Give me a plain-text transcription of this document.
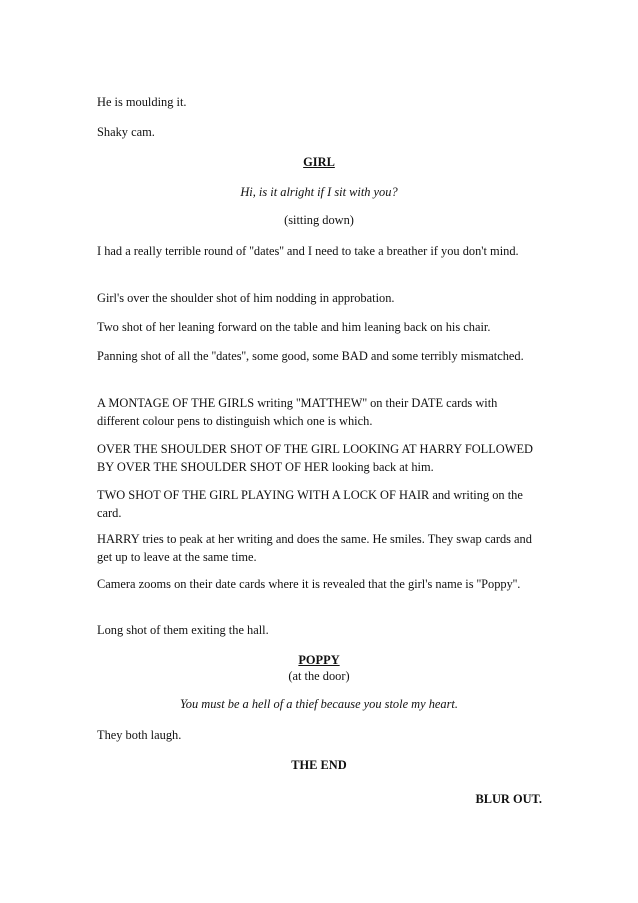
He is moulding it.
Shaky cam.
GIRL
Hi, is it alright if I sit with you?
(sitting down)
I had a really terrible round of ''dates'' and I need to take a breather if you don't mind.
Girl's over the shoulder shot of him nodding in approbation.
Two shot of her leaning forward on the table and him leaning back on his chair.
Panning shot of all the ''dates'', some good, some BAD and some terribly mismatched.
A MONTAGE OF THE GIRLS writing ''MATTHEW'' on their DATE cards with different colour pens to distinguish which one is which.
OVER THE SHOULDER SHOT OF THE GIRL LOOKING AT HARRY FOLLOWED BY OVER THE SHOULDER SHOT OF HER looking back at him.
TWO SHOT OF THE GIRL PLAYING WITH A LOCK OF HAIR and writing on the card.
HARRY tries to peak at her writing and does the same. He smiles. They swap cards and get up to leave at the same time.
Camera zooms on their date cards where it is revealed that the girl's name is ''Poppy''.
Long shot of them exiting the hall.
POPPY
(at the door)
You must be a hell of a thief because you stole my heart.
They both laugh.
THE END
BLUR OUT.
